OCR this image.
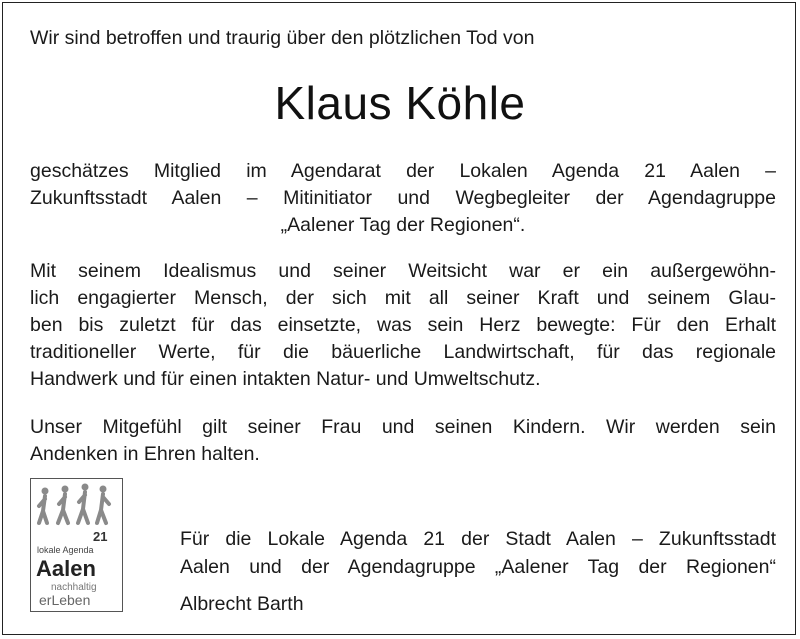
Wir sind betroffen und traurig über den plötzlichen Tod von
Klaus Köhle
geschätzes Mitglied im Agendarat der Lokalen Agenda 21 Aalen –
Zukunftsstadt Aalen – Mitinitiator und Wegbegleiter der Agendagruppe
„Aalener Tag der Regionen“.
Mit seinem Idealismus und seiner Weitsicht war er ein außergewöhn-
lich engagierter Mensch, der sich mit all seiner Kraft und seinem Glau-
ben bis zuletzt für das einsetzte, was sein Herz bewegte: Für den Erhalt
traditioneller Werte, für die bäuerliche Landwirtschaft, für das regionale
Handwerk und für einen intakten Natur- und Umweltschutz.
Unser Mitgefühl gilt seiner Frau und seinen Kindern. Wir werden sein
Andenken in Ehren halten.
21
lokale Agenda
Aalen
nachhaltig
erLeben
Für die Lokale Agenda 21 der Stadt Aalen – Zukunftsstadt
Aalen und der Agendagruppe „Aalener Tag der Regionen“
Albrecht Barth
